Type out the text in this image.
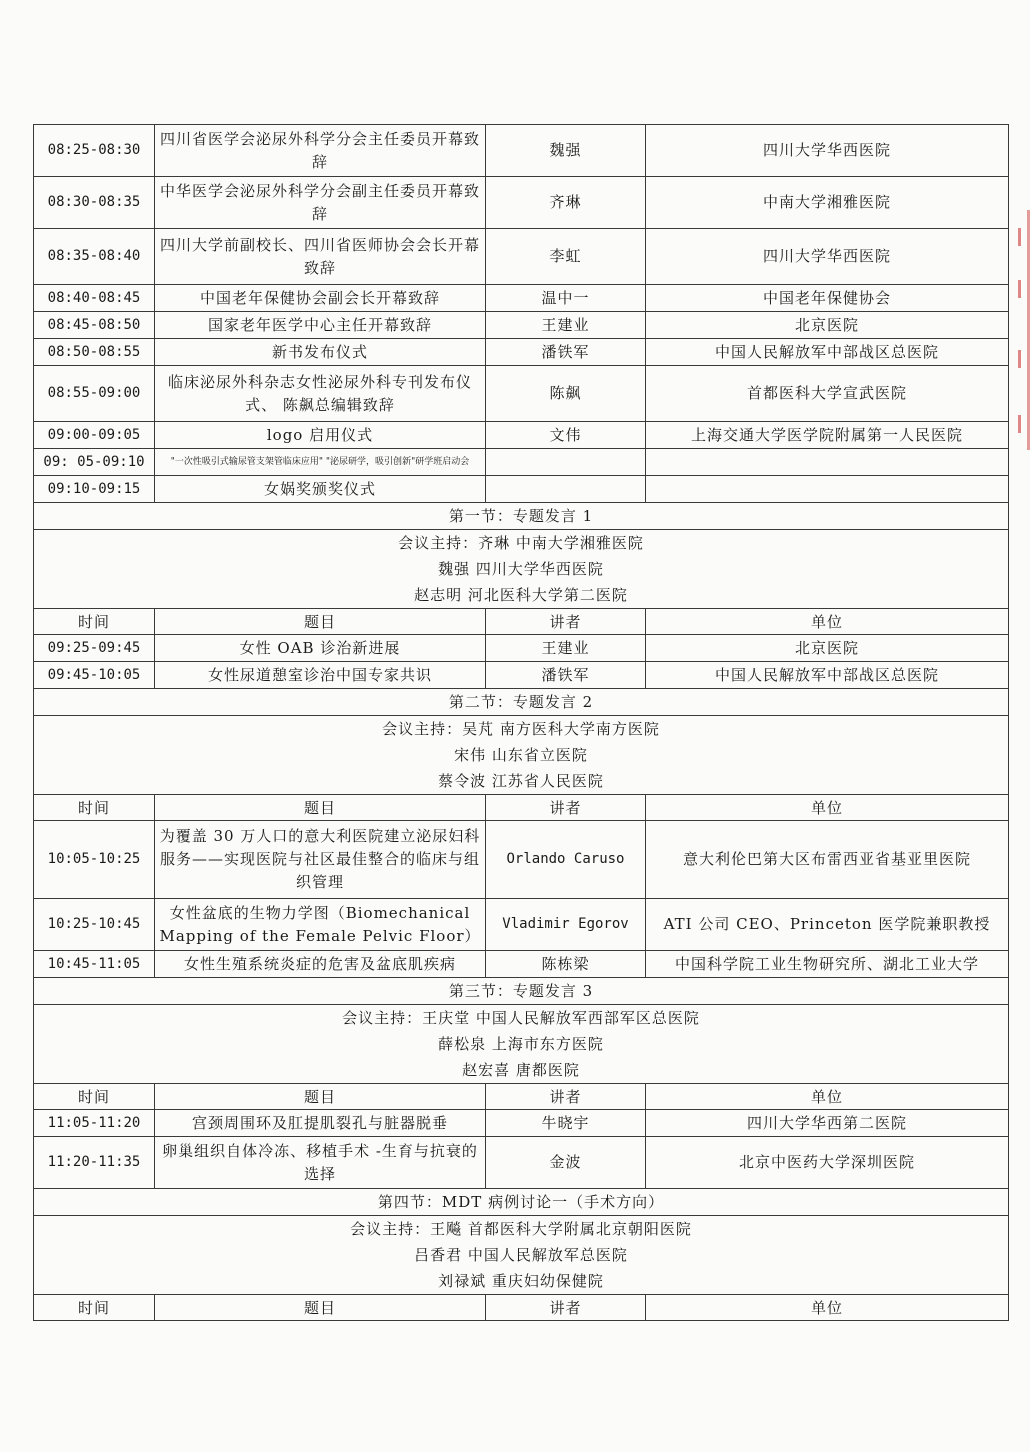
08:25-08:30	四川省医学会泌尿外科学分会主任委员开幕致辞	魏强	四川大学华西医院
08:30-08:35	中华医学会泌尿外科学分会副主任委员开幕致辞	齐琳	中南大学湘雅医院
08:35-08:40	四川大学前副校长、四川省医师协会会长开幕致辞	李虹	四川大学华西医院
08:40-08:45	中国老年保健协会副会长开幕致辞	温中一	中国老年保健协会
08:45-08:50	国家老年医学中心主任开幕致辞	王建业	北京医院
08:50-08:55	新书发布仪式	潘铁军	中国人民解放军中部战区总医院
08:55-09:00	临床泌尿外科杂志女性泌尿外科专刊发布仪式、 陈飙总编辑致辞	陈飙	首都医科大学宣武医院
09:00-09:05	logo 启用仪式	文伟	上海交通大学医学院附属第一人民医院
09: 05-09:10	"一次性吸引式输尿管支架管临床应用" "泌尿研学，吸引创新"研学班启动会		
09:10-09:15	女娲奖颁奖仪式		

第一节：专题发言 1			

会议主持：齐琳 中南大学湘雅医院
魏强 四川大学华西医院
赵志明 河北医科大学第二医院			

时间	题目	讲者	单位
09:25-09:45	女性 OAB 诊治新进展	王建业	北京医院
09:45-10:05	女性尿道憩室诊治中国专家共识	潘铁军	中国人民解放军中部战区总医院

第二节：专题发言 2			

会议主持：吴芃 南方医科大学南方医院
宋伟 山东省立医院
蔡令波 江苏省人民医院			

时间	题目	讲者	单位
10:05-10:25	为覆盖 30 万人口的意大利医院建立泌尿妇科服务——实现医院与社区最佳整合的临床与组织管理	Orlando Caruso	意大利伦巴第大区布雷西亚省基亚里医院
10:25-10:45	女性盆底的生物力学图（Biomechanical Mapping of the Female Pelvic Floor）	Vladimir Egorov	ATI 公司 CEO、Princeton 医学院兼职教授
10:45-11:05	女性生殖系统炎症的危害及盆底肌疾病	陈栋梁	中国科学院工业生物研究所、湖北工业大学

第三节：专题发言 3			

会议主持：王庆堂 中国人民解放军西部军区总医院
薛松泉 上海市东方医院
赵宏喜 唐都医院			

时间	题目	讲者	单位
11:05-11:20	宫颈周围环及肛提肌裂孔与脏器脱垂	牛晓宇	四川大学华西第二医院
11:20-11:35	卵巢组织自体冷冻、移植手术 -生育与抗衰的选择	金波	北京中医药大学深圳医院

第四节：MDT 病例讨论一（手术方向）			

会议主持：王飚 首都医科大学附属北京朝阳医院
吕香君 中国人民解放军总医院
刘禄斌 重庆妇幼保健院			

时间	题目	讲者	单位
